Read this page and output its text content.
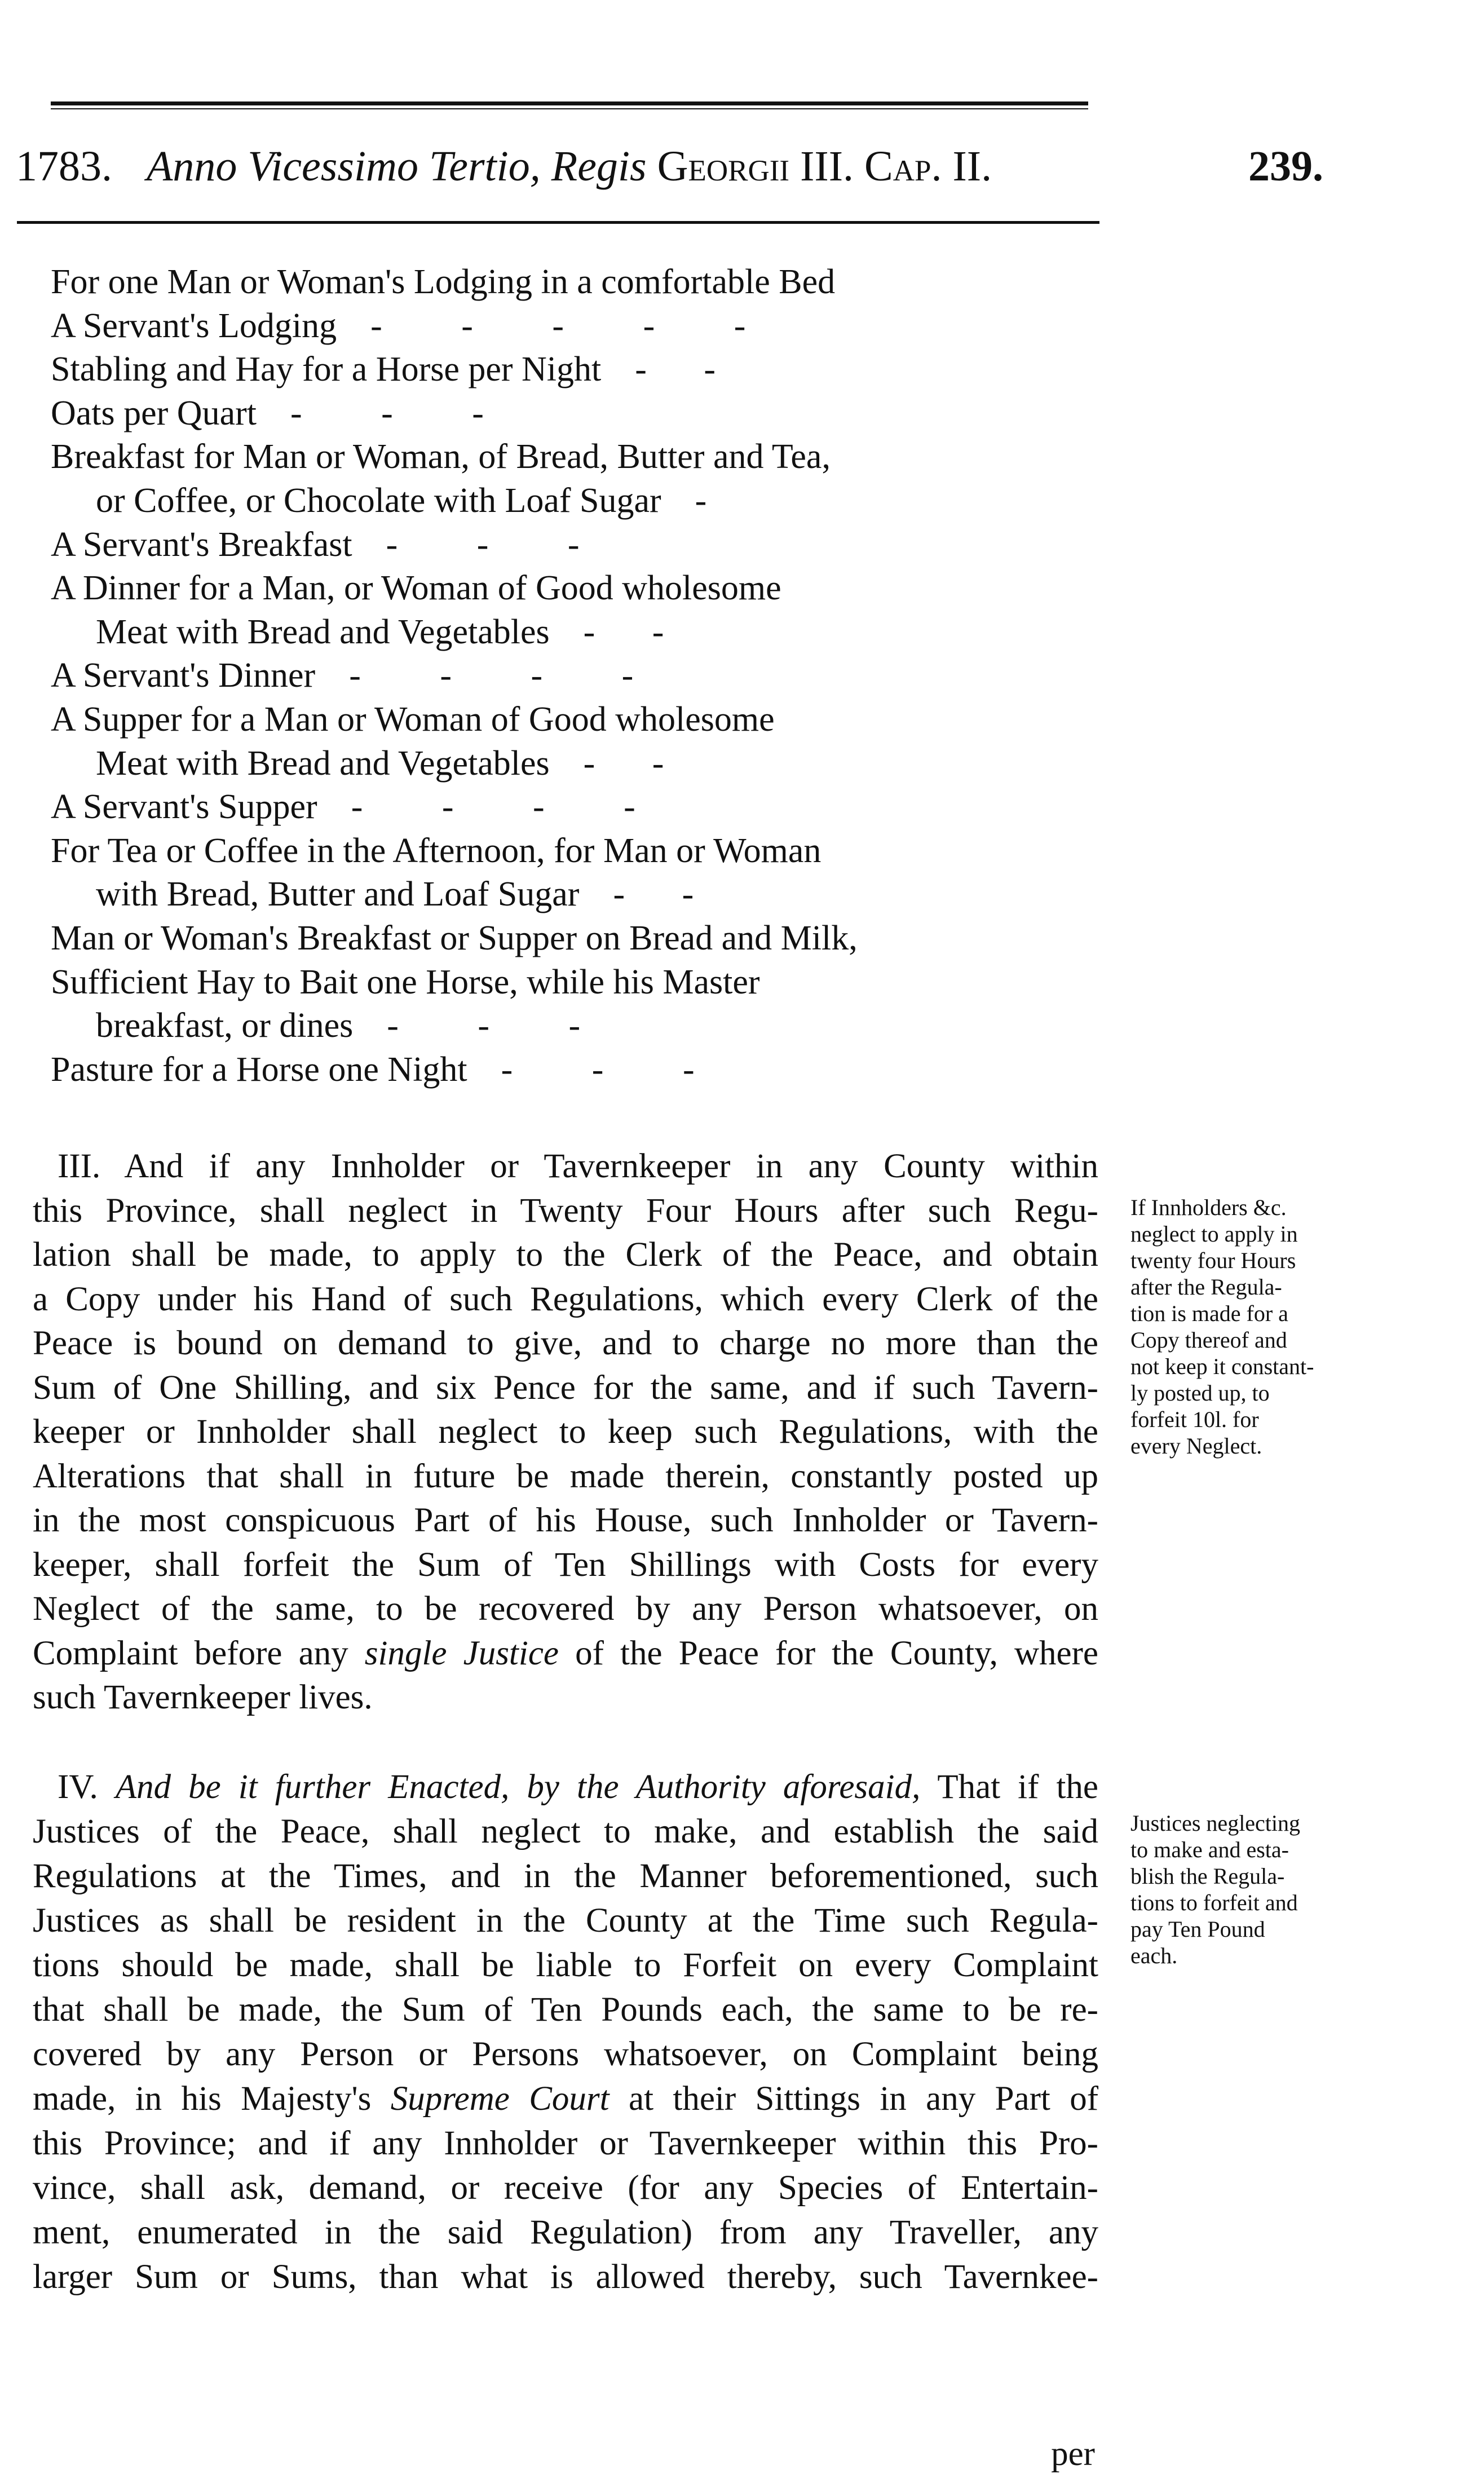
1783. Anno Vicessimo Tertio, Regis Georgii III. Cap. II.	239.
For one Man or Woman's Lodging in a comfortable Bed
A Servant's Lodging -       -       -       -       -
Stabling and Hay for a Horse per Night -     -
Oats per Quart -       -       -
Breakfast for Man or Woman, of Bread, Butter and Tea,
or Coffee, or Chocolate with Loaf Sugar -
A Servant's Breakfast -       -       -
A Dinner for a Man, or Woman of Good wholesome
Meat with Bread and Vegetables -     -
A Servant's Dinner -       -       -       -
A Supper for a Man or Woman of Good wholesome
Meat with Bread and Vegetables -     -
A Servant's Supper -       -       -       -
For Tea or Coffee in the Afternoon, for Man or Woman
with Bread, Butter and Loaf Sugar -     -
Man or Woman's Breakfast or Supper on Bread and Milk,
Sufficient Hay to Bait one Horse, while his Master
breakfast, or dines -       -       -
Pasture for a Horse one Night -       -       -
III. And if any Innholder or Tavernkeeper in any County within
this Province, shall neglect in Twenty Four Hours after such Regu-
lation shall be made, to apply to the Clerk of the Peace, and obtain
a Copy under his Hand of such Regulations, which every Clerk of the
Peace is bound on demand to give, and to charge no more than the
Sum of One Shilling, and six Pence for the same, and if such Tavern-
keeper or Innholder shall neglect to keep such Regulations, with the
Alterations that shall in future be made therein, constantly posted up
in the most conspicuous Part of his House, such Innholder or Tavern-
keeper, shall forfeit the Sum of Ten Shillings with Costs for every
Neglect of the same, to be recovered by any Person whatsoever, on
Complaint before any single Justice of the Peace for the County, where
such Tavernkeeper lives.
If Innholders &c.
neglect to apply in
twenty four Hours
after the Regula-
tion is made for a
Copy thereof and
not keep it constant-
ly posted up, to
forfeit 10l. for
every Neglect.
IV. And be it further Enacted, by the Authority aforesaid, That if the
Justices of the Peace, shall neglect to make, and establish the said
Regulations at the Times, and in the Manner beforementioned, such
Justices as shall be resident in the County at the Time such Regula-
tions should be made, shall be liable to Forfeit on every Complaint
that shall be made, the Sum of Ten Pounds each, the same to be re-
covered by any Person or Persons whatsoever, on Complaint being
made, in his Majesty's Supreme Court at their Sittings in any Part of
this Province; and if any Innholder or Tavernkeeper within this Pro-
vince, shall ask, demand, or receive (for any Species of Entertain-
ment, enumerated in the said Regulation) from any Traveller, any
larger Sum or Sums, than what is allowed thereby, such Tavernkee-
Justices neglecting
to make and esta-
blish the Regula-
tions to forfeit and
pay Ten Pound
each.
per
